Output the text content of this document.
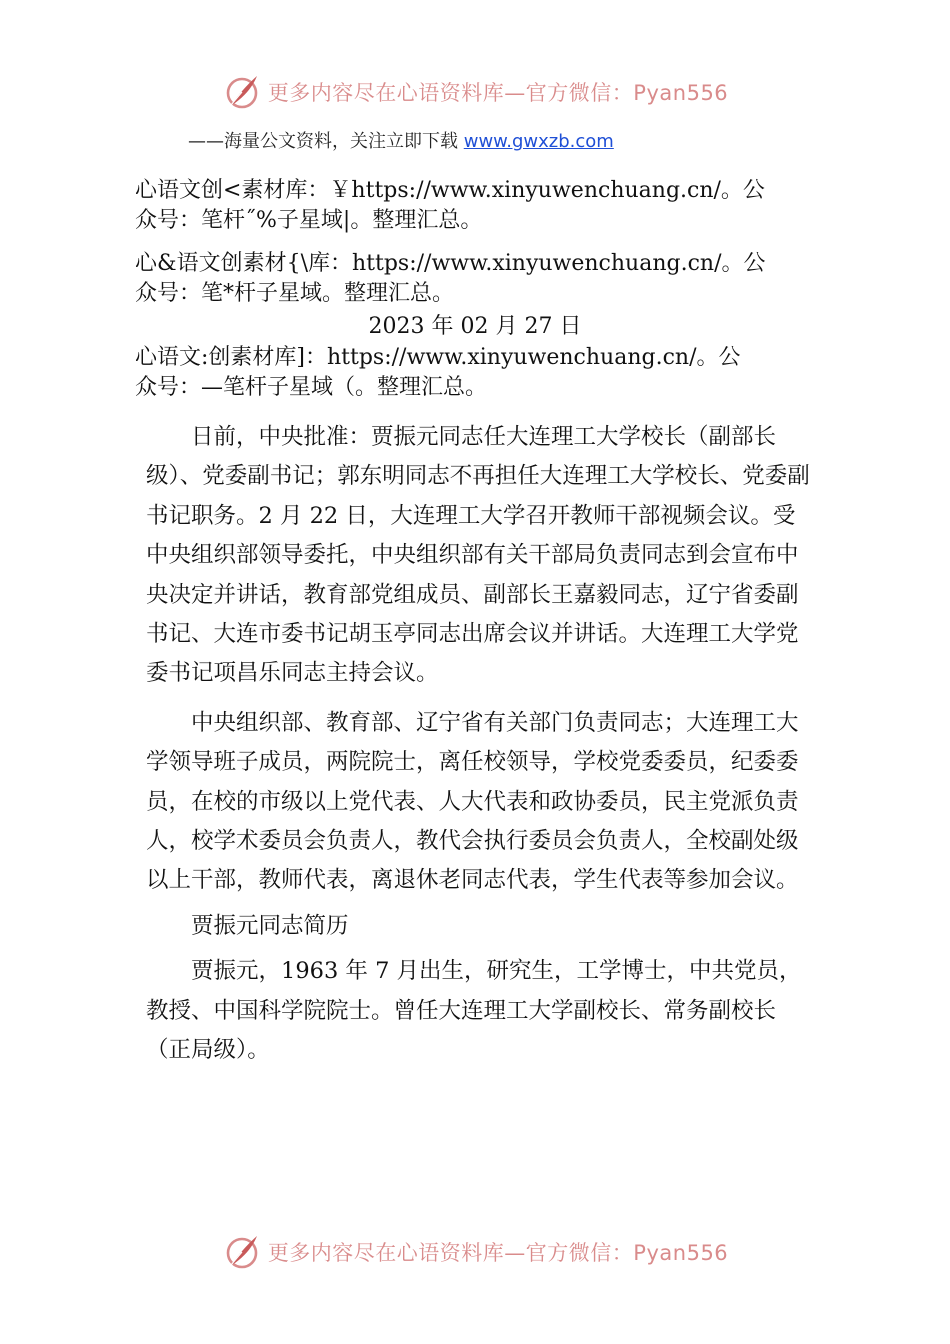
更多内容尽在心语资料库—官方微信：Pyan556
——海量公文资料，关注立即下载 www.gwxzb.com
心语文创<素材库：￥https://www.xinyuwenchuang.cn/。公
众号：笔杆˝%子星域|。整理汇总。
心&语文创素材{\库：https://www.xinyuwenchuang.cn/。公
众号：笔*杆子星域。整理汇总。
2023 年 02 月 27 日
心语文:创素材库]：https://www.xinyuwenchuang.cn/。公
众号：—笔杆子星域（。整理汇总。

日前，中央批准：贾振元同志任大连理工大学校长（副部长级）、党委副书记；郭东明同志不再担任大连理工大学校长、党委副书记职务。2 月 22 日，大连理工大学召开教师干部视频会议。受中央组织部领导委托，中央组织部有关干部局负责同志到会宣布中央决定并讲话，教育部党组成员、副部长王嘉毅同志，辽宁省委副书记、大连市委书记胡玉亭同志出席会议并讲话。大连理工大学党委书记项昌乐同志主持会议。

中央组织部、教育部、辽宁省有关部门负责同志；大连理工大学领导班子成员，两院院士，离任校领导，学校党委委员，纪委委员，在校的市级以上党代表、人大代表和政协委员，民主党派负责人，校学术委员会负责人，教代会执行委员会负责人，全校副处级以上干部，教师代表，离退休老同志代表，学生代表等参加会议。

贾振元同志简历

贾振元，1963 年 7 月出生，研究生，工学博士，中共党员，教授、中国科学院院士。曾任大连理工大学副校长、常务副校长（正局级）。

更多内容尽在心语资料库—官方微信：Pyan556
